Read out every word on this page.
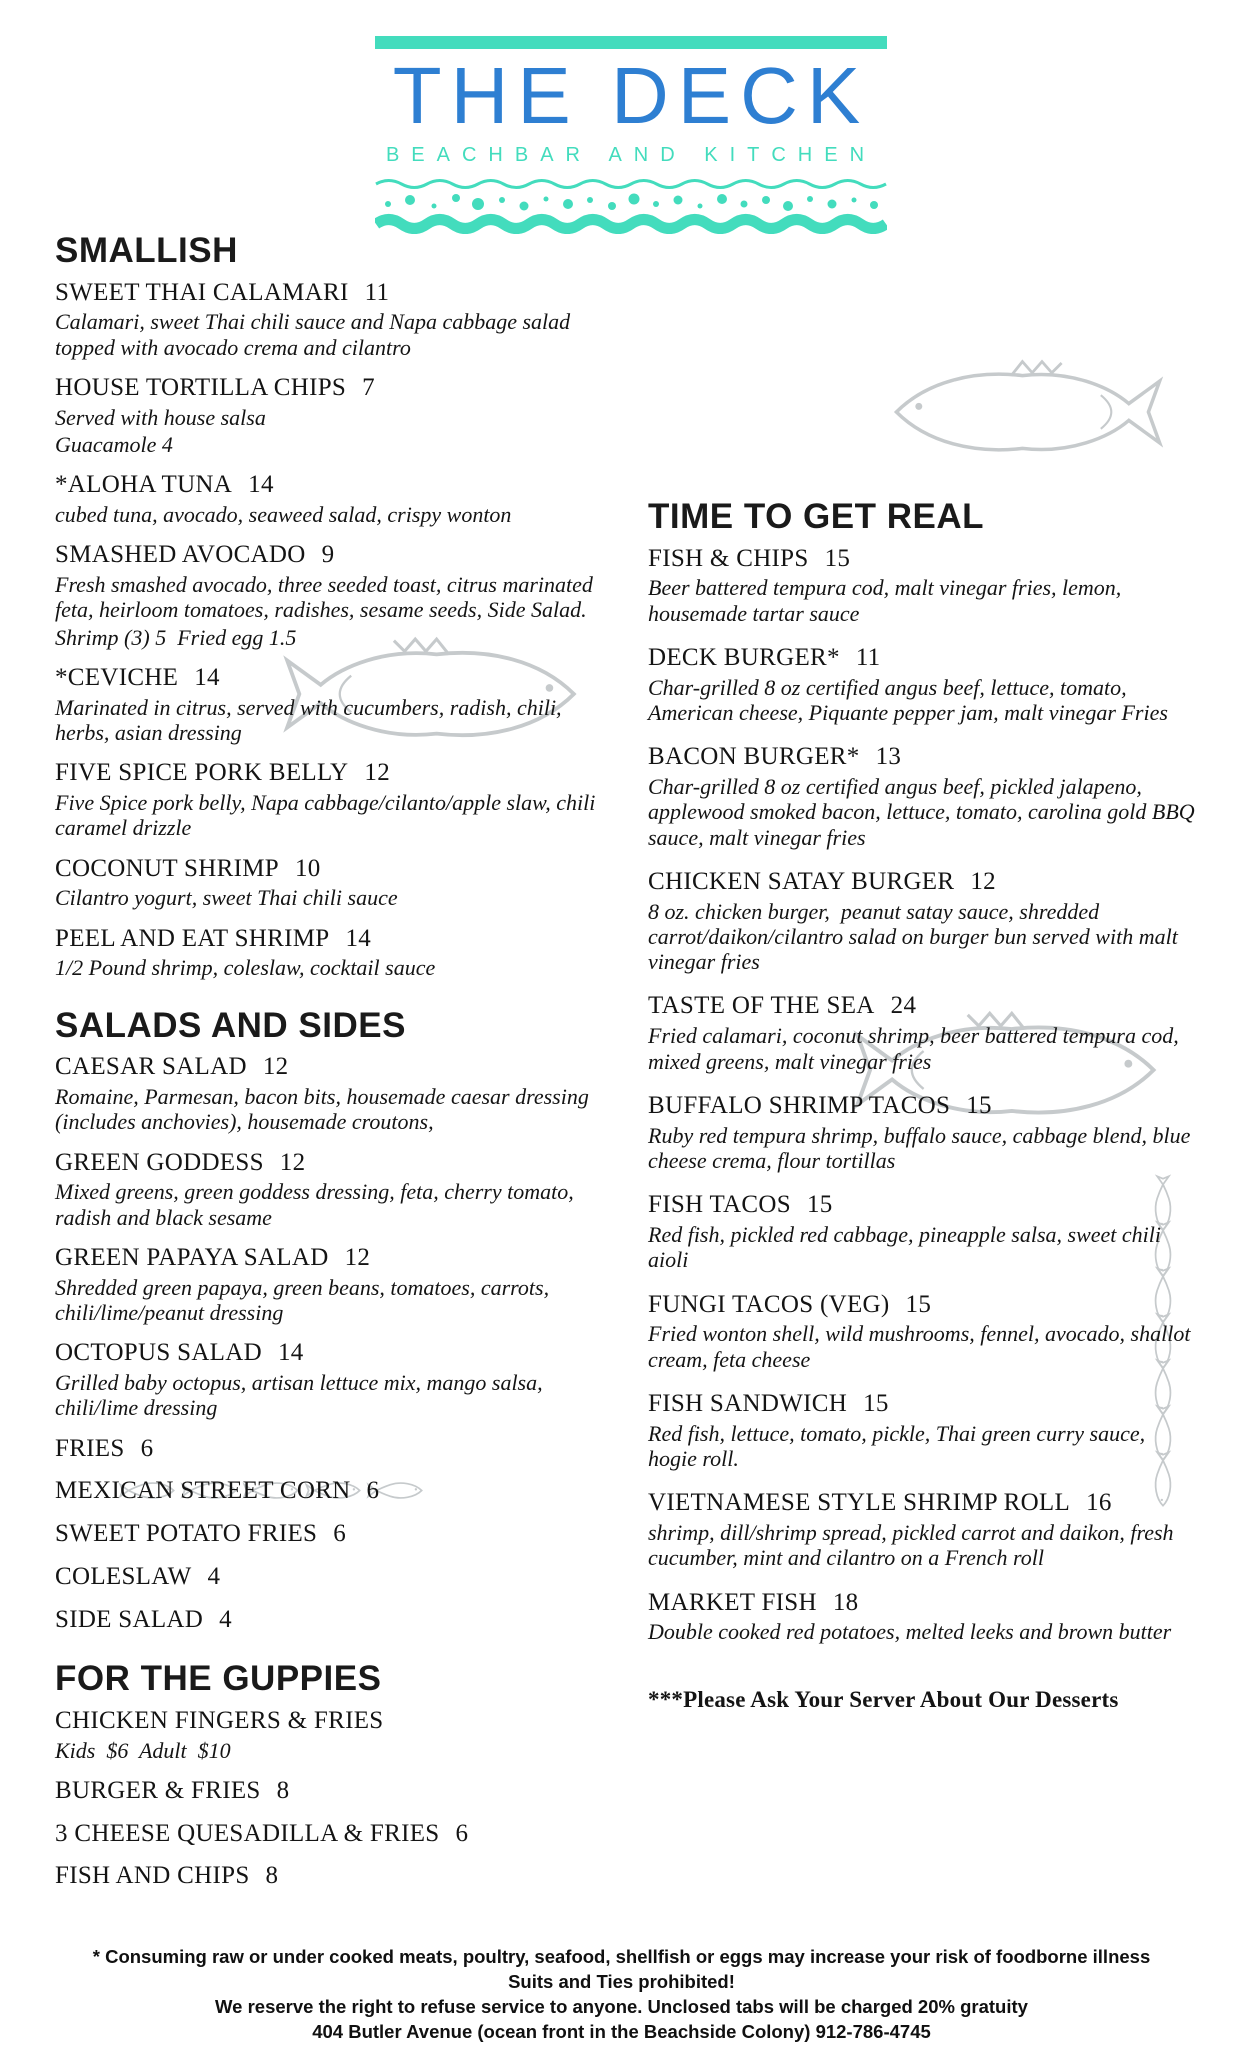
THE DECK
BEACHBAR AND KITCHEN
SMALLISH
SWEET THAI CALAMARI 11
Calamari, sweet Thai chili sauce and Napa cabbage salad topped with avocado crema and cilantro
HOUSE TORTILLA CHIPS 7
Served with house salsa
Guacamole 4
*ALOHA TUNA 14
cubed tuna, avocado, seaweed salad, crispy wonton
SMASHED AVOCADO 9
Fresh smashed avocado, three seeded toast, citrus marinated feta, heirloom tomatoes, radishes, sesame seeds, Side Salad.
Shrimp (3) 5  Fried egg 1.5
*CEVICHE 14
Marinated in citrus, served with cucumbers, radish, chili, herbs, asian dressing
FIVE SPICE PORK BELLY 12
Five Spice pork belly, Napa cabbage/cilanto/apple slaw, chili caramel drizzle
COCONUT SHRIMP 10
Cilantro yogurt, sweet Thai chili sauce
PEEL AND EAT SHRIMP 14
1/2 Pound shrimp, coleslaw, cocktail sauce
SALADS AND SIDES
CAESAR SALAD 12
Romaine, Parmesan, bacon bits, housemade caesar dressing (includes anchovies), housemade croutons,
GREEN GODDESS 12
Mixed greens, green goddess dressing, feta, cherry tomato, radish and black sesame
GREEN PAPAYA SALAD 12
Shredded green papaya, green beans, tomatoes, carrots, chili/lime/peanut dressing
OCTOPUS SALAD 14
Grilled baby octopus, artisan lettuce mix, mango salsa, chili/lime dressing
FRIES 6
MEXICAN STREET CORN 6
SWEET POTATO FRIES 6
COLESLAW 4
SIDE SALAD 4
FOR THE GUPPIES
CHICKEN FINGERS & FRIES
Kids  $6  Adult  $10
BURGER & FRIES 8
3 CHEESE QUESADILLA & FRIES 6
FISH AND CHIPS 8
TIME TO GET REAL
FISH & CHIPS 15
Beer battered tempura cod, malt vinegar fries, lemon, housemade tartar sauce
DECK BURGER* 11
Char-grilled 8 oz certified angus beef, lettuce, tomato, American cheese, Piquante pepper jam, malt vinegar Fries
BACON BURGER* 13
Char-grilled 8 oz certified angus beef, pickled jalapeno, applewood smoked bacon, lettuce, tomato, carolina gold BBQ sauce, malt vinegar fries
CHICKEN SATAY BURGER 12
8 oz. chicken burger,  peanut satay sauce, shredded carrot/daikon/cilantro salad on burger bun served with malt vinegar fries
TASTE OF THE SEA 24
Fried calamari, coconut shrimp, beer battered tempura cod, mixed greens, malt vinegar fries
BUFFALO SHRIMP TACOS 15
Ruby red tempura shrimp, buffalo sauce, cabbage blend, blue cheese crema, flour tortillas
FISH TACOS 15
Red fish, pickled red cabbage, pineapple salsa, sweet chili aioli
FUNGI TACOS (VEG) 15
Fried wonton shell, wild mushrooms, fennel, avocado, shallot cream, feta cheese
FISH SANDWICH 15
Red fish, lettuce, tomato, pickle, Thai green curry sauce, hogie roll.
VIETNAMESE STYLE SHRIMP ROLL 16
shrimp, dill/shrimp spread, pickled carrot and daikon, fresh cucumber, mint and cilantro on a French roll
MARKET FISH 18
Double cooked red potatoes, melted leeks and brown butter
***Please Ask Your Server About Our Desserts
* Consuming raw or under cooked meats, poultry, seafood, shellfish or eggs may increase your risk of foodborne illness
Suits and Ties prohibited!
We reserve the right to refuse service to anyone. Unclosed tabs will be charged 20% gratuity
404 Butler Avenue (ocean front in the Beachside Colony) 912-786-4745
